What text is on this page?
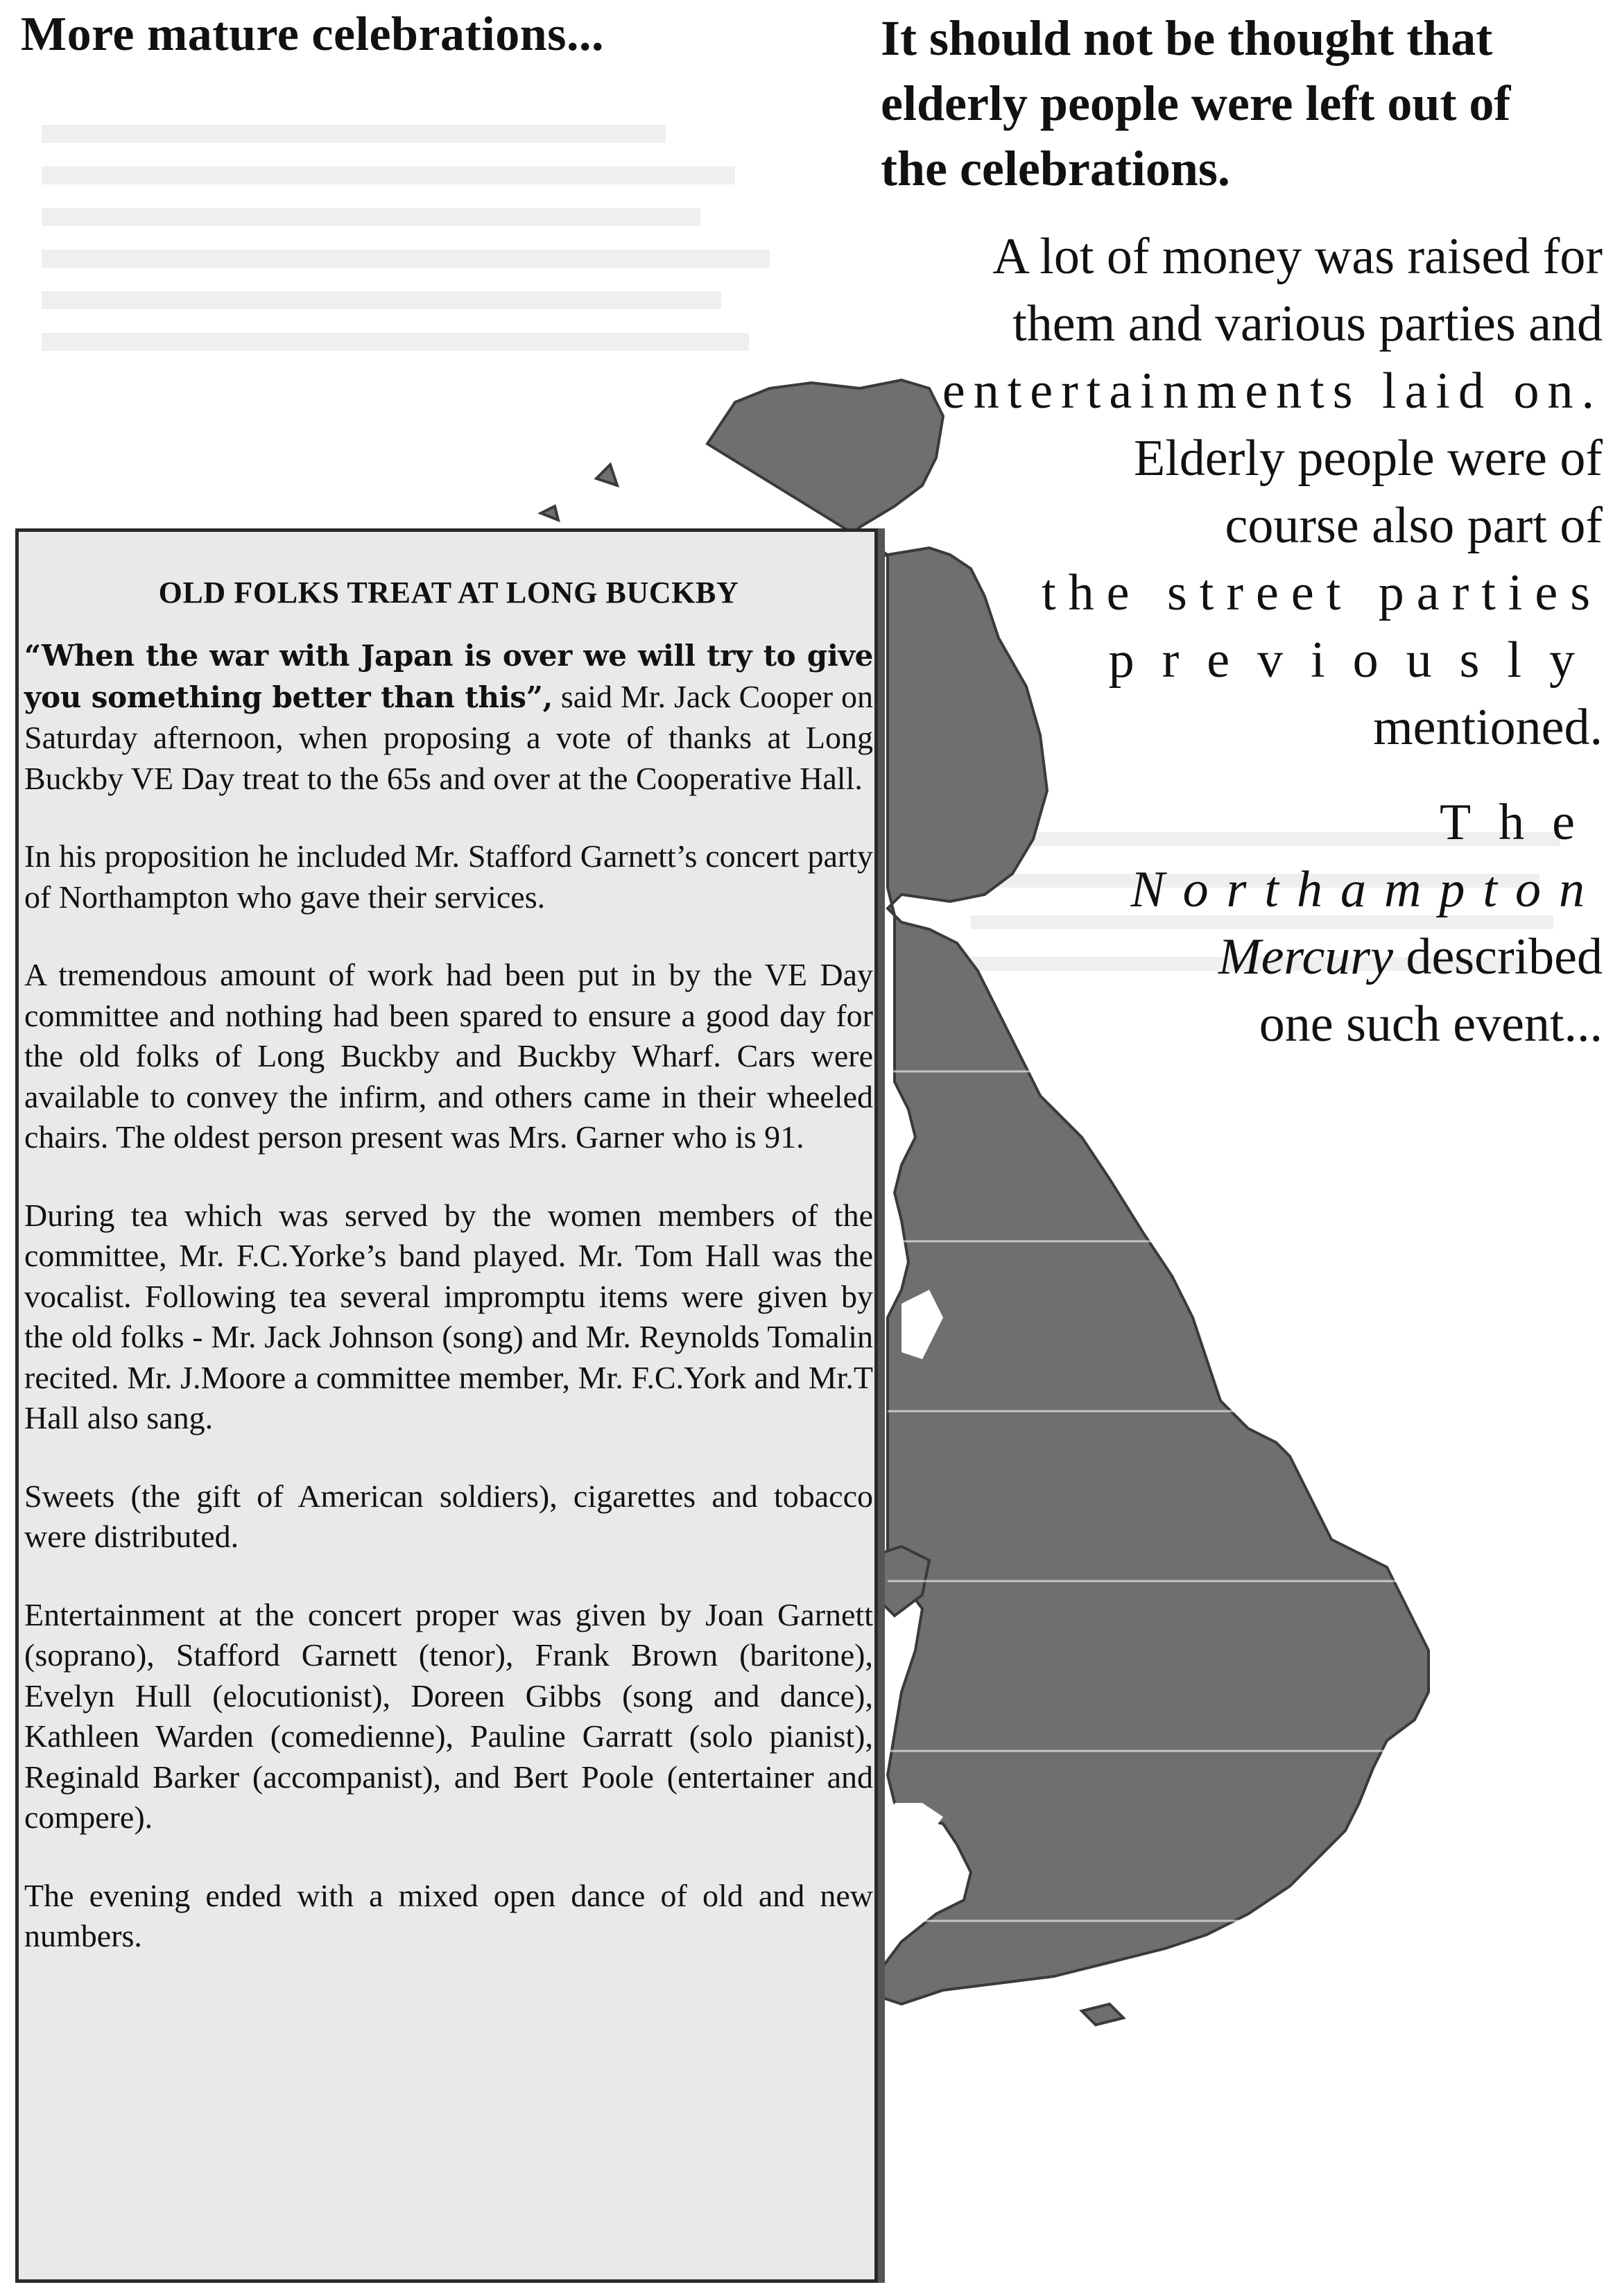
More mature celebrations...	It should not be thought that
elderly people were left out of
the celebrations.
A lot of money was raised for
them and various parties and
entertainments laid on.
Elderly people were of
course also part of
the street parties
previously
mentioned.
The
Northampton
Mercury described
one such event...
OLD FOLKS TREAT AT LONG BUCKBY
“When the war with Japan is over we will try to give you something better than this”, said Mr. Jack Cooper on Saturday afternoon, when proposing a vote of thanks at Long Buckby VE Day treat to the 65s and over at the Cooperative Hall.
In his proposition he included Mr. Stafford Garnett’s concert party of Northampton who gave their services.
A tremendous amount of work had been put in by the VE Day committee and nothing had been spared to ensure a good day for the old folks of Long Buckby and Buckby Wharf. Cars were available to convey the infirm, and others came in their wheeled chairs. The oldest person present was Mrs. Garner who is 91.
During tea which was served by the women members of the committee, Mr. F.C.Yorke’s band played. Mr. Tom Hall was the vocalist. Following tea several impromptu items were given by the old folks - Mr. Jack Johnson (song) and Mr. Reynolds Tomalin recited. Mr. J.Moore a committee member, Mr. F.C.York and Mr.T Hall also sang.
Sweets (the gift of American soldiers), cigarettes and tobacco were distributed.
Entertainment at the concert proper was given by Joan Garnett (soprano), Stafford Garnett (tenor), Frank Brown (baritone), Evelyn Hull (elocutionist), Doreen Gibbs (song and dance), Kathleen Warden (comedienne), Pauline Garratt (solo pianist), Reginald Barker (accompanist), and Bert Poole (entertainer and compere).
The evening ended with a mixed open dance of old and new numbers.
